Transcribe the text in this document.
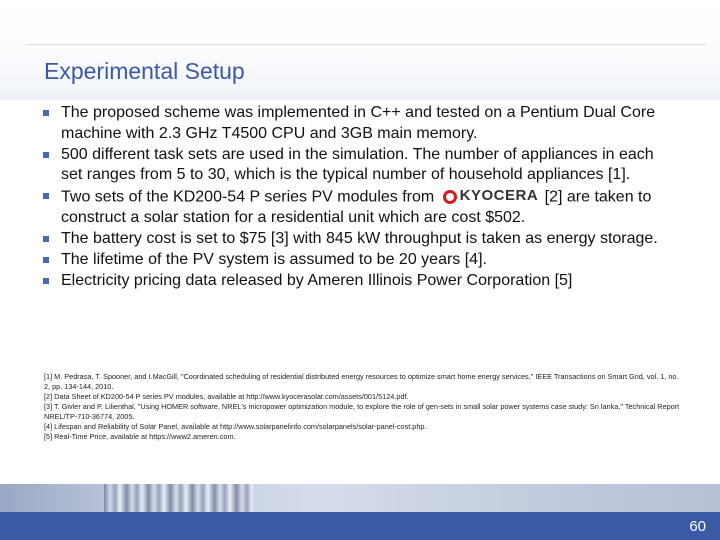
Experimental Setup
The proposed scheme was implemented in C++ and tested on a Pentium Dual Core machine with 2.3 GHz T4500 CPU and 3GB main memory.
500 different task sets are used in the simulation. The number of appliances in each set ranges from 5 to 30, which is the typical number of household appliances [1].
Two sets of the KD200-54 P series PV modules from KYOCERA [2] are taken to construct a solar station for a residential unit which are cost $502.
The battery cost is set to $75 [3] with 845 kW throughput is taken as energy storage.
The lifetime of the PV system is assumed to be 20 years [4].
Electricity pricing data released by Ameren Illinois Power Corporation [5]
[1] M. Pedrasa, T. Spooner, and I.MacGill, "Coordinated scheduling of residential distributed energy resources to optimize smart home energy services," IEEE Transactions on Smart Grid, vol. 1, no. 2, pp. 134-144, 2010.
[2] Data Sheet of KD200-54 P series PV modules, available at http://www.kyocerasolar.com/assets/001/5124.pdf.
[3] T. Givler and P. Lilienthal, "Using HOMER software, NREL's micropower optimization module, to explore the role of gen-sets in small solar power systems case study: Sri lanka," Technical Report NREL/TP-710-36774, 2005.
[4] Lifespan and Reliability of Solar Panel, available at http://www.solarpanelinfo.com/solarpanels/solar-panel-cost.php.
[5] Real-Time Price, available at https://www2.ameren.com.
60
